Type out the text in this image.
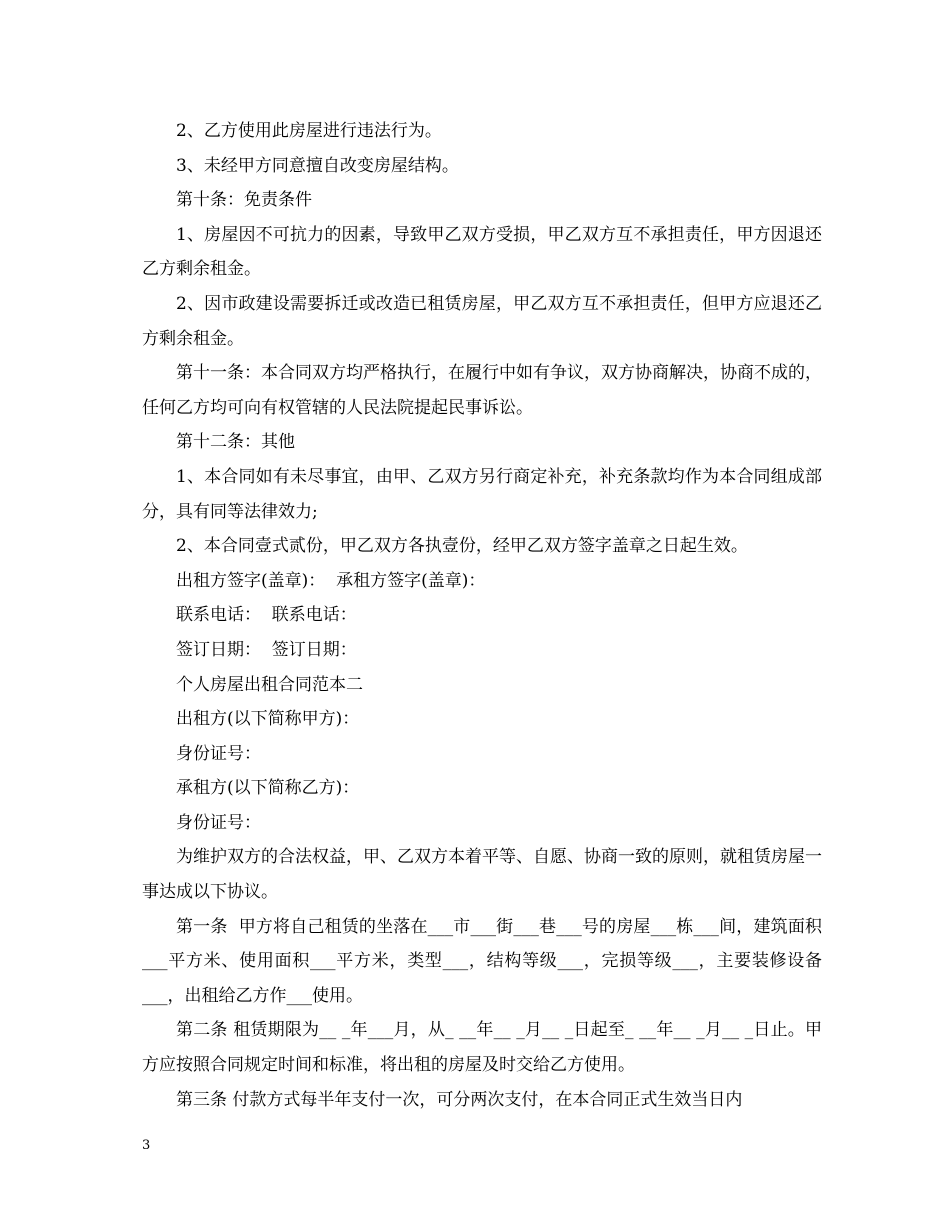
2、乙方使用此房屋进行违法行为。

3、未经甲方同意擅自改变房屋结构。

第十条：免责条件

1、房屋因不可抗力的因素，导致甲乙双方受损，甲乙双方互不承担责任，甲方因退还乙方剩余租金。

2、因市政建设需要拆迁或改造已租赁房屋，甲乙双方互不承担责任，但甲方应退还乙方剩余租金。

第十一条：本合同双方均严格执行，在履行中如有争议，双方协商解决，协商不成的，任何乙方均可向有权管辖的人民法院提起民事诉讼。

第十二条：其他

1、本合同如有未尽事宜，由甲、乙双方另行商定补充，补充条款均作为本合同组成部分，具有同等法律效力;

2、本合同壹式贰份，甲乙双方各执壹份，经甲乙双方签字盖章之日起生效。

出租方签字(盖章)：  承租方签字(盖章)：

联系电话：  联系电话：

签订日期：  签订日期：

个人房屋出租合同范本二

出租方(以下简称甲方)：

身份证号：

承租方(以下简称乙方)：

身份证号：

为维护双方的合法权益，甲、乙双方本着平等、自愿、协商一致的原则，就租赁房屋一事达成以下协议。

第一条  甲方将自己租赁的坐落在___市___街___巷___号的房屋___栋___间，建筑面积___平方米、使用面积___平方米，类型___，结构等级___，完损等级___，主要装修设备___，出租给乙方作___使用。

第二条 租赁期限为__ _年___月，从_ __年__ _月__ _日起至_ __年__ _月__ _日止。甲方应按照合同规定时间和标准，将出租的房屋及时交给乙方使用。

第三条 付款方式每半年支付一次，可分两次支付，在本合同正式生效当日内

3
